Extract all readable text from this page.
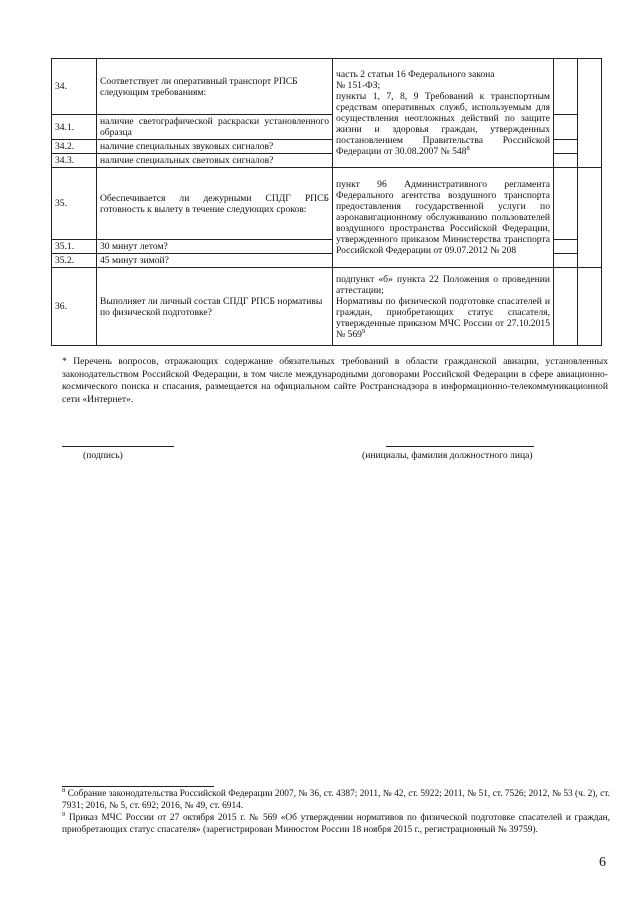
34.	Соответствует ли оперативный транспорт РПСБ следующим требованиям:	часть 2 статьи 16 Федерального закона

№ 151-ФЗ;

пункты 1, 7, 8, 9 Требований к транспортным средствам оперативных служб, используемым для осуществления неотложных действий по защите жизни и здоровья граждан, утвержденных постановлением Правительства Российской Федерации от 30.08.2007 № $548^8$

34.1.	наличие светографической раскраски установленного образца			
34.2.	наличие специальных звуковых сигналов?			
34.3.	наличие специальных световых сигналов?			
35.	Обеспечивается ли дежурными СПДГ РПСБ готовность к вылету в течение следующих сроков:	пункт 96 Административного регламента Федерального агентства воздушного транспорта предоставления государственной услуги по аэронавигационному обслуживанию пользователей воздушного пространства Российской Федерации, утвержденного приказом Министерства транспорта Российской Федерации от 09.07.2012 № 208		
35.1.	30 минут летом?			
35.2.	45 минут зимой?			
36.	Выполняет ли личный состав СПДГ РПСБ нормативы по физической подготовке?	подпункт «б» пункта 22 Положения о проведении аттестации;

Нормативы по физической подготовке спасателей и граждан, приобретающих статус спасателя, утвержденные приказом МЧС России от 27.10.2015 № $569^9$

* Перечень вопросов, отражающих содержание обязательных требований в области гражданской авиации, установленных законодательством Российской Федерации, в том числе международными договорами Российской Федерации в сфере авиационно-космического поиска и спасания, размещается на официальном сайте Ространснадзора в информационно-телекоммуникационной сети «Интернет».

(подпись)	(инициалы, фамилия должностного лица)

$^8$ Собрание законодательства Российской Федерации 2007, № 36, ст. 4387; 2011, № 42, ст. 5922; 2011, № 51, ст. 7526; 2012, № 53 (ч. 2), ст. 7931; 2016, № 5, ст. 692; 2016, № 49, ст. 6914.

$^9$ Приказ МЧС России от 27 октября 2015 г. № 569 «Об утверждении нормативов по физической подготовке спасателей и граждан, приобретающих статус спасателя» (зарегистрирован Минюстом России 18 ноября 2015 г., регистрационный № 39759).

6
